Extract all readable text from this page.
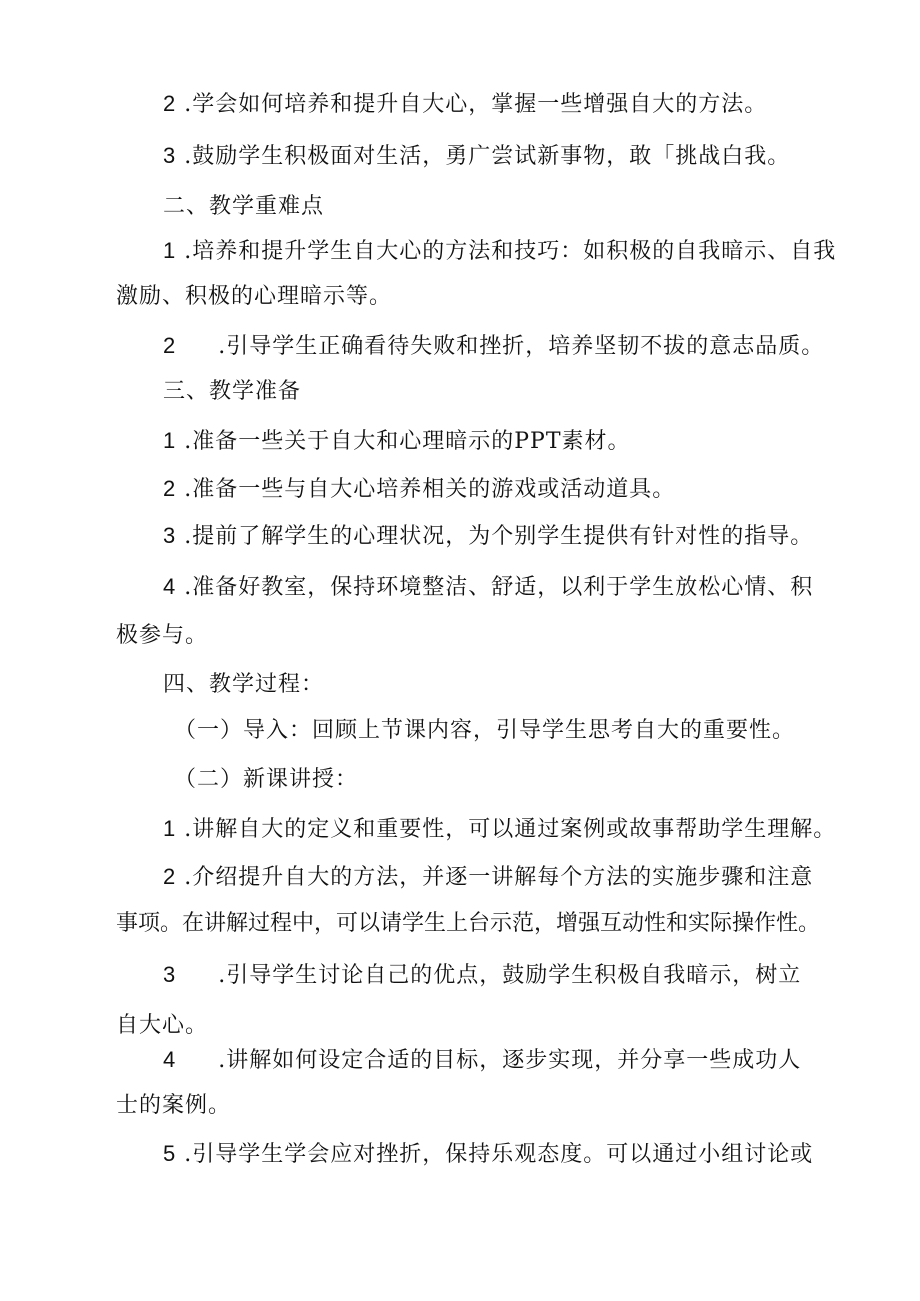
2 .学会如何培养和提升自大心，掌握一些增强自大的方法。
3 .鼓励学生积极面对生活，勇广尝试新事物，敢「挑战白我。
二、教学重难点
1 .培养和提升学生自大心的方法和技巧：如积极的自我暗示、自我
激励、积极的心理暗示等。
2 .引导学生正确看待失败和挫折，培养坚韧不拔的意志品质。
三、教学准备
1 .准备一些关于自大和心理暗示的PPT素材。
2 .准备一些与自大心培养相关的游戏或活动道具。
3 .提前了解学生的心理状况，为个别学生提供有针对性的指导。
4 .准备好教室，保持环境整洁、舒适，以利于学生放松心情、积
极参与。
四、教学过程：
（一）导入：回顾上节课内容，引导学生思考自大的重要性。
（二）新课讲授：
1 .讲解自大的定义和重要性，可以通过案例或故事帮助学生理解。
2 .介绍提升自大的方法，并逐一讲解每个方法的实施步骤和注意
事项。在讲解过程中，可以请学生上台示范，增强互动性和实际操作性。
3 .引导学生讨论自己的优点，鼓励学生积极自我暗示，树立
自大心。
4 .讲解如何设定合适的目标，逐步实现，并分享一些成功人
士的案例。
5 .引导学生学会应对挫折，保持乐观态度。可以通过小组讨论或
